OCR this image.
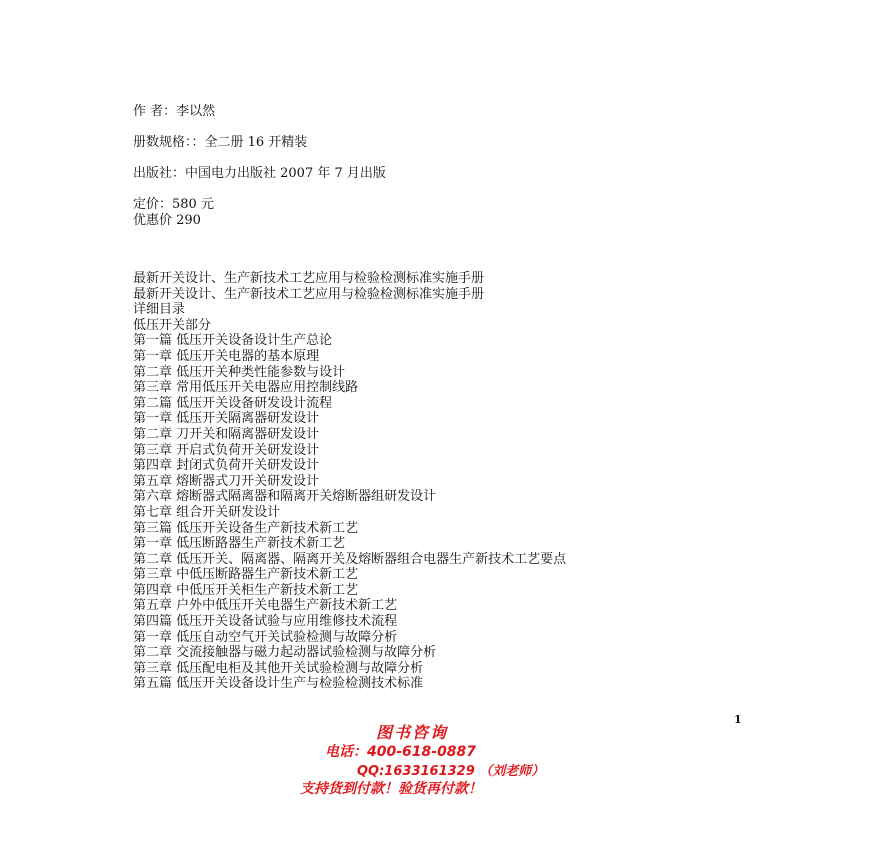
作 者：李以然
册数规格：：全二册 16 开精装
出版社：中国电力出版社 2007 年 7 月出版
定价：580 元
优惠价 290
最新开关设计、生产新技术工艺应用与检验检测标准实施手册
最新开关设计、生产新技术工艺应用与检验检测标准实施手册
详细目录
低压开关部分
第一篇 低压开关设备设计生产总论
第一章 低压开关电器的基本原理
第二章 低压开关种类性能参数与设计
第三章 常用低压开关电器应用控制线路
第二篇 低压开关设备研发设计流程
第一章 低压开关隔离器研发设计
第二章 刀开关和隔离器研发设计
第三章 开启式负荷开关研发设计
第四章 封闭式负荷开关研发设计
第五章 熔断器式刀开关研发设计
第六章 熔断器式隔离器和隔离开关熔断器组研发设计
第七章 组合开关研发设计
第三篇 低压开关设备生产新技术新工艺
第一章 低压断路器生产新技术新工艺
第二章 低压开关、隔离器、隔离开关及熔断器组合电器生产新技术工艺要点
第三章 中低压断路器生产新技术新工艺
第四章 中低压开关柜生产新技术新工艺
第五章 户外中低压开关电器生产新技术新工艺
第四篇 低压开关设备试验与应用维修技术流程
第一章 低压自动空气开关试验检测与故障分析
第二章 交流接触器与磁力起动器试验检测与故障分析
第三章 低压配电柜及其他开关试验检测与故障分析
第五篇 低压开关设备设计生产与检验检测技术标准
1
图书咨询
电话：400-618-0887
QQ:1633161329 （刘老师）
支持货到付款！验货再付款！
